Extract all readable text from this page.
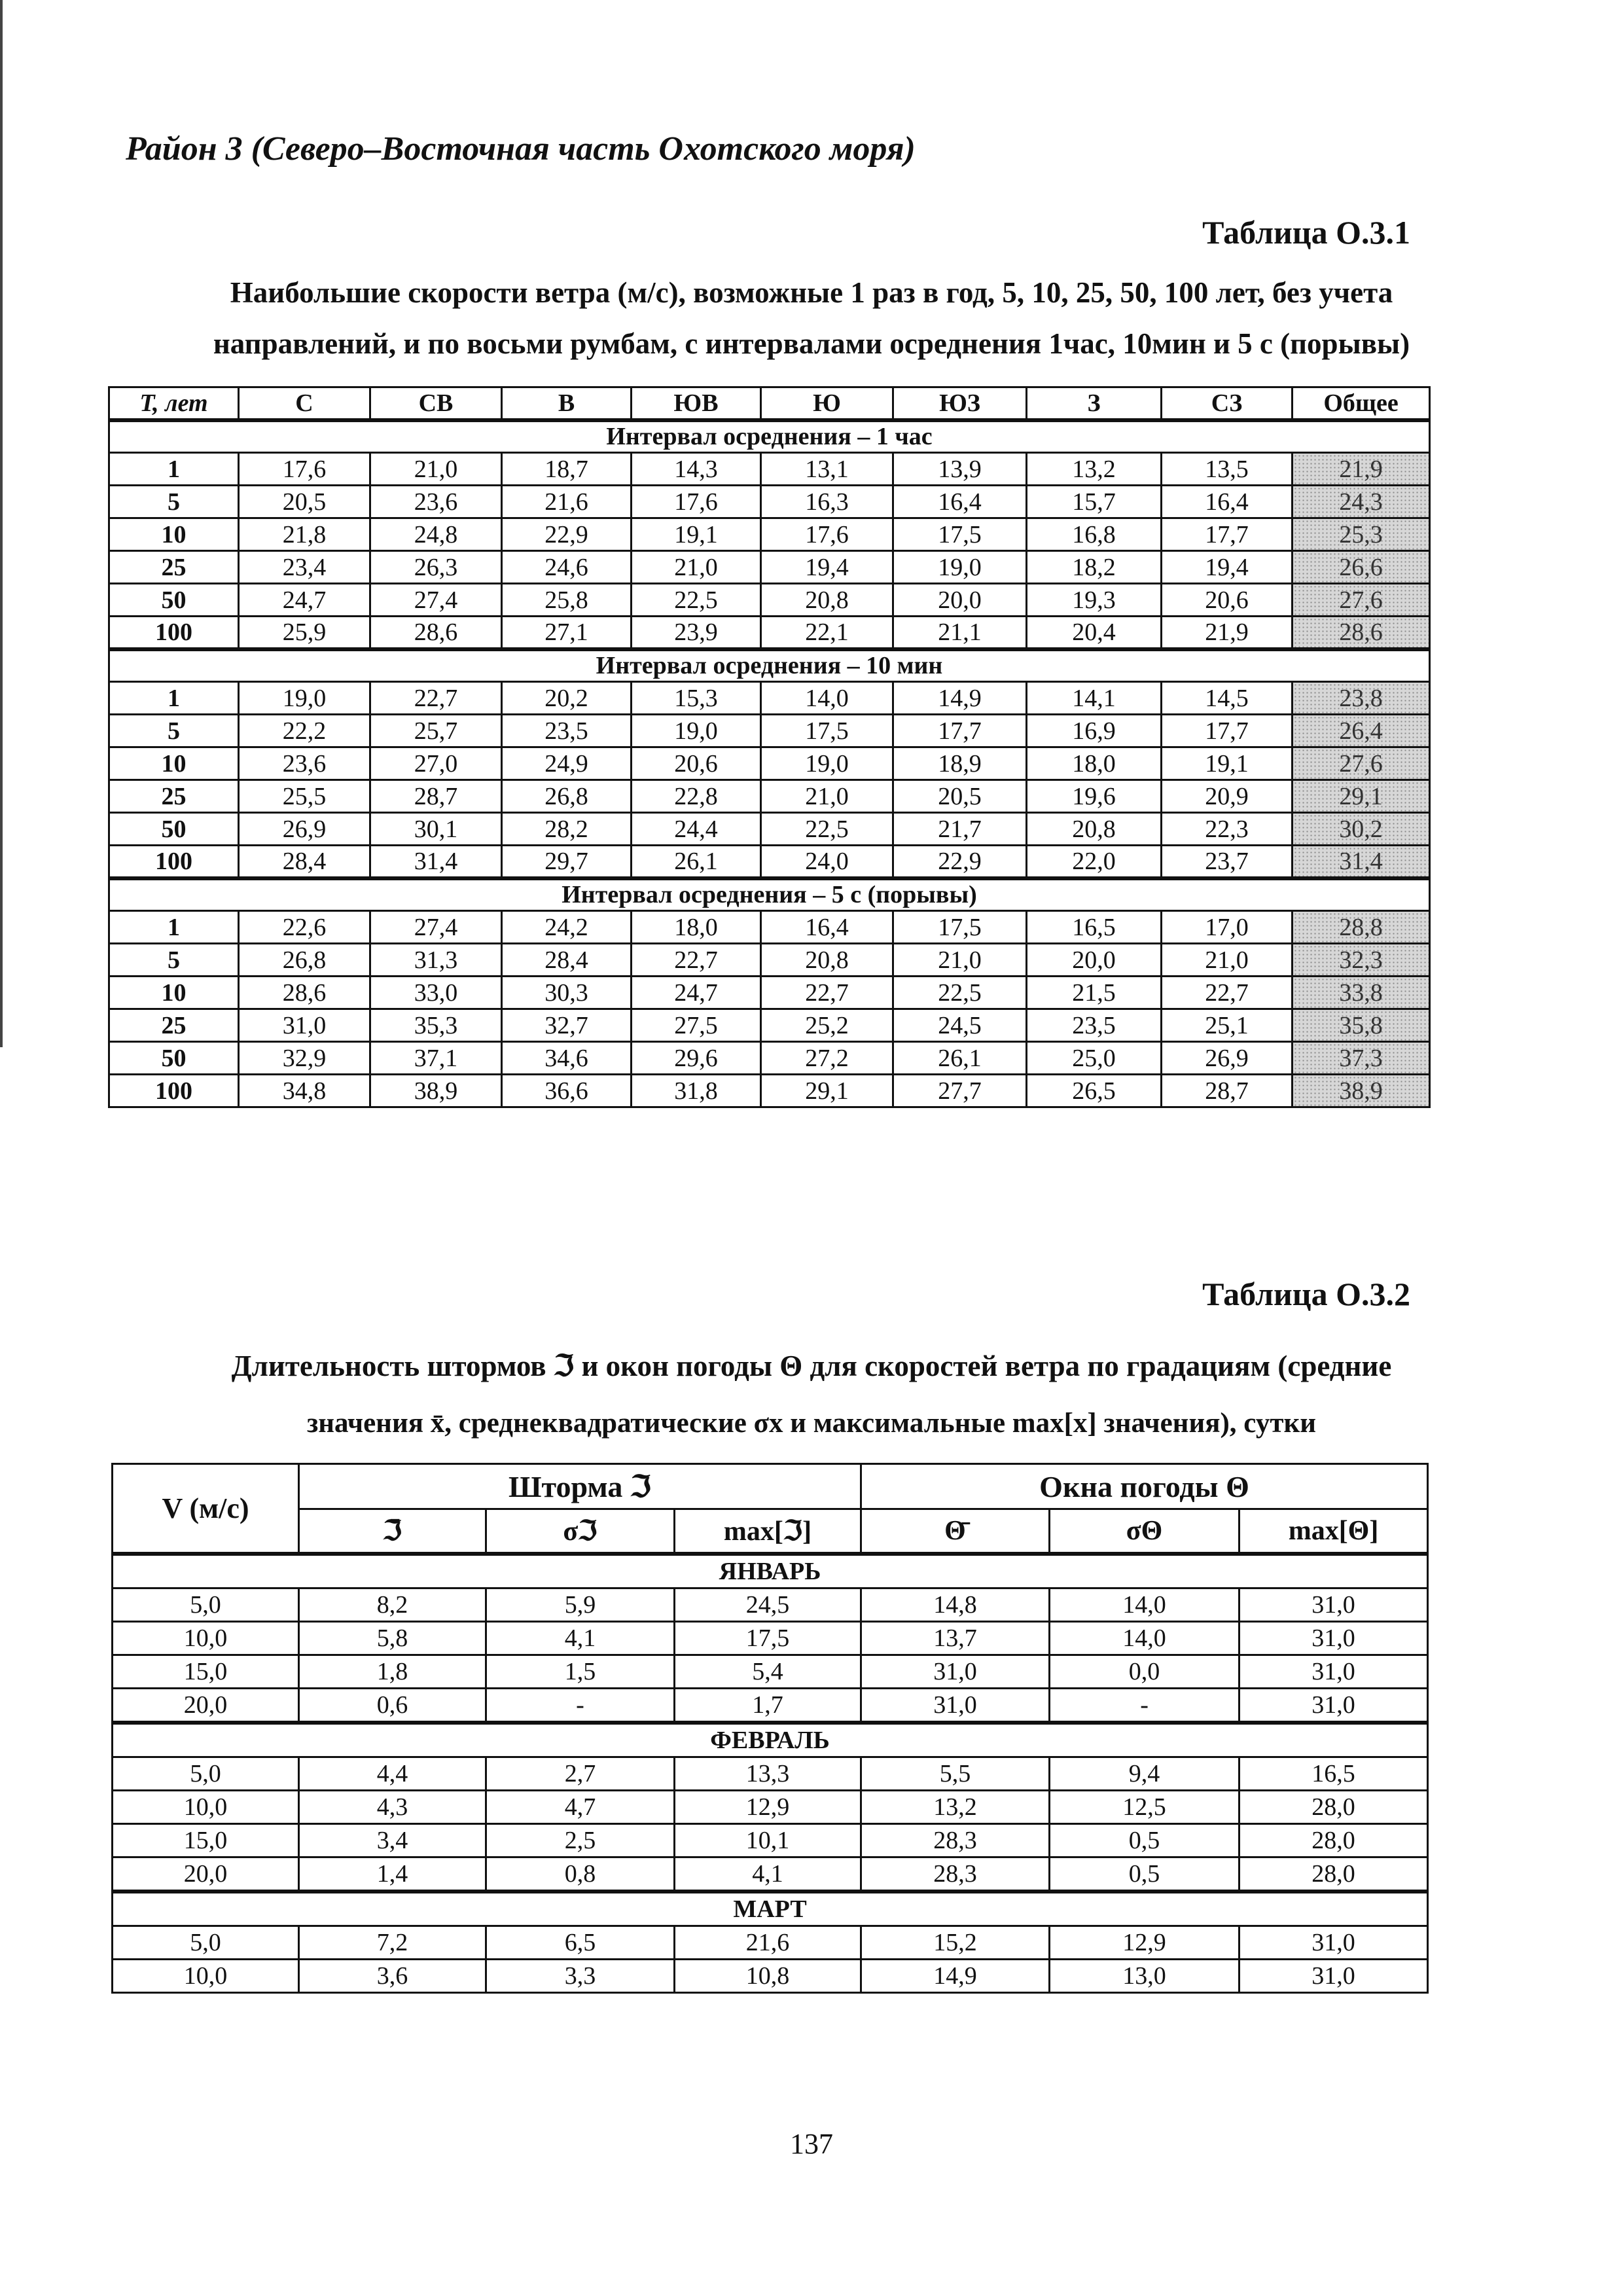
Район 3 (Северо–Восточная часть Охотского моря)
Таблица О.3.1
Наибольшие скорости ветра (м/с), возможные 1 раз в год, 5, 10, 25, 50, 100 лет, без учета
направлений, и по восьми румбам, с интервалами осреднения 1час, 10мин и 5 с (порывы)
T, лет	С	СВ	В	ЮВ	Ю	ЮЗ	З	СЗ	Общее
Интервал осреднения – 1 час									
1	17,6	21,0	18,7	14,3	13,1	13,9	13,2	13,5	21,9
5	20,5	23,6	21,6	17,6	16,3	16,4	15,7	16,4	24,3
10	21,8	24,8	22,9	19,1	17,6	17,5	16,8	17,7	25,3
25	23,4	26,3	24,6	21,0	19,4	19,0	18,2	19,4	26,6
50	24,7	27,4	25,8	22,5	20,8	20,0	19,3	20,6	27,6
100	25,9	28,6	27,1	23,9	22,1	21,1	20,4	21,9	28,6
Интервал осреднения – 10 мин									
1	19,0	22,7	20,2	15,3	14,0	14,9	14,1	14,5	23,8
5	22,2	25,7	23,5	19,0	17,5	17,7	16,9	17,7	26,4
10	23,6	27,0	24,9	20,6	19,0	18,9	18,0	19,1	27,6
25	25,5	28,7	26,8	22,8	21,0	20,5	19,6	20,9	29,1
50	26,9	30,1	28,2	24,4	22,5	21,7	20,8	22,3	30,2
100	28,4	31,4	29,7	26,1	24,0	22,9	22,0	23,7	31,4
Интервал осреднения – 5 с (порывы)									
1	22,6	27,4	24,2	18,0	16,4	17,5	16,5	17,0	28,8
5	26,8	31,3	28,4	22,7	20,8	21,0	20,0	21,0	32,3
10	28,6	33,0	30,3	24,7	22,7	22,5	21,5	22,7	33,8
25	31,0	35,3	32,7	27,5	25,2	24,5	23,5	25,1	35,8
50	32,9	37,1	34,6	29,6	27,2	26,1	25,0	26,9	37,3
100	34,8	38,9	36,6	31,8	29,1	27,7	26,5	28,7	38,9
Таблица О.3.2
Длительность штормов ℑ и окон погоды Θ для скоростей ветра по градациям (средние
значения x̄, среднеквадратические σx и максимальные max[x] значения), сутки
V (м/с)	Шторма ℑ			Окна погоды Θ		
	ℑ̄	σℑ	max[ℑ]	Θ̄	σΘ	max[Θ]
ЯНВАРЬ						
5,0	8,2	5,9	24,5	14,8	14,0	31,0
10,0	5,8	4,1	17,5	13,7	14,0	31,0
15,0	1,8	1,5	5,4	31,0	0,0	31,0
20,0	0,6	-	1,7	31,0	-	31,0
ФЕВРАЛЬ						
5,0	4,4	2,7	13,3	5,5	9,4	16,5
10,0	4,3	4,7	12,9	13,2	12,5	28,0
15,0	3,4	2,5	10,1	28,3	0,5	28,0
20,0	1,4	0,8	4,1	28,3	0,5	28,0
МАРТ						
5,0	7,2	6,5	21,6	15,2	12,9	31,0
10,0	3,6	3,3	10,8	14,9	13,0	31,0
137
